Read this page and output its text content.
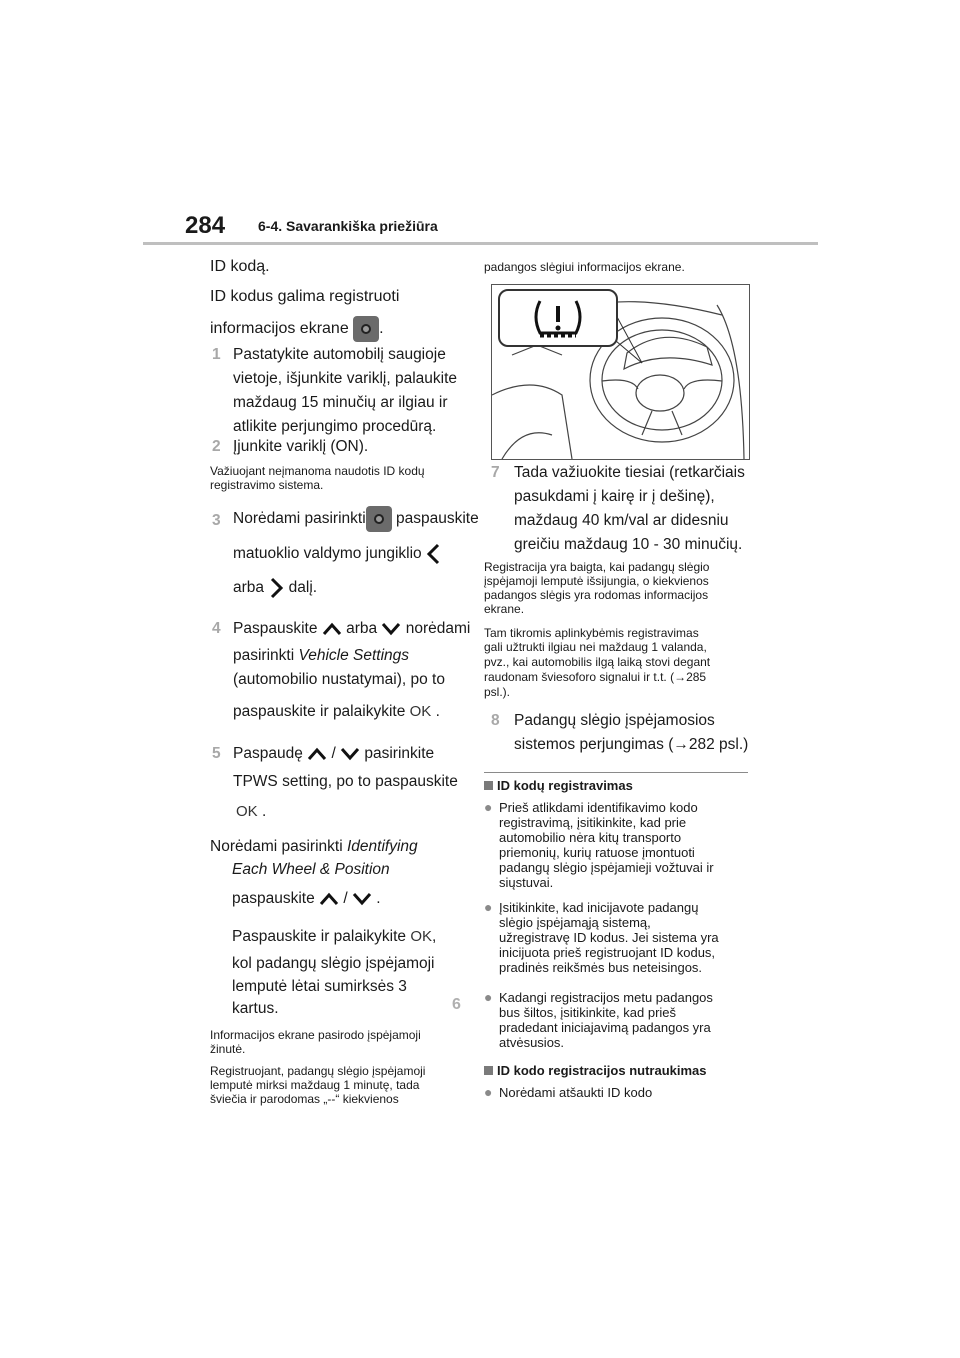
284 6-4. Savarankiška priežiūra
ID kodą.
ID kodus galima registruoti
informacijos ekrane .
1 Pastatykite automobilį saugioje
vietoje, išjunkite variklį, palaukite
maždaug 15 minučių ar ilgiau ir
atlikite perjungimo procedūrą.
2 Įjunkite variklį (ON).
Važiuojant neįmanoma naudotis ID kodų
registravimo sistema.
3 Norėdami pasirinkti paspauskite
matuoklio valdymo jungiklio
arba dalį.
4 Paspauskite arba norėdami
pasirinkti Vehicle Settings
(automobilio nustatymai), po to
paspauskite ir palaikykite OK .
5 Paspaudę / pasirinkite
TPWS setting, po to paspauskite
OK .
Norėdami pasirinkti Identifying
Each Wheel & Position
paspauskite / .
Paspauskite ir palaikykite OK,
kol padangų slėgio įspėjamoji
lemputė lėtai sumirksės 3
kartus.	6
Informacijos ekrane pasirodo įspėjamoji
žinutė.
Registruojant, padangų slėgio įspėjamoji
lemputė mirksi maždaug 1 minutę, tada
šviečia ir parodomas „--“ kiekvienos
padangos slėgiui informacijos ekrane.
7 Tada važiuokite tiesiai (retkarčiais
pasukdami į kairę ir į dešinę),
maždaug 40 km/val ar didesniu
greičiu maždaug 10 - 30 minučių.
Registracija yra baigta, kai padangų slėgio
įspėjamoji lemputė išsijungia, o kiekvienos
padangos slėgis yra rodomas informacijos
ekrane.
Tam tikromis aplinkybėmis registravimas
gali užtrukti ilgiau nei maždaug 1 valanda,
pvz., kai automobilis ilgą laiką stovi degant
raudonam šviesoforo signalui ir t.t. (→285
psl.).
8 Padangų slėgio įspėjamosios
sistemos perjungimas (→282 psl.)
ID kodų registravimas
● Prieš atlikdami identifikavimo kodo
registravimą, įsitikinkite, kad prie
automobilio nėra kitų transporto
priemonių, kurių ratuose įmontuoti
padangų slėgio įspėjamieji vožtuvai ir
siųstuvai.
● Įsitikinkite, kad inicijavote padangų
slėgio įspėjamąją sistemą,
užregistravę ID kodus. Jei sistema yra
inicijuota prieš registruojant ID kodus,
pradinės reikšmės bus neteisingos.
● Kadangi registracijos metu padangos
bus šiltos, įsitikinkite, kad prieš
pradedant iniciajavimą padangos yra
atvėsusios.
ID kodo registracijos nutraukimas
● Norėdami atšaukti ID kodo
